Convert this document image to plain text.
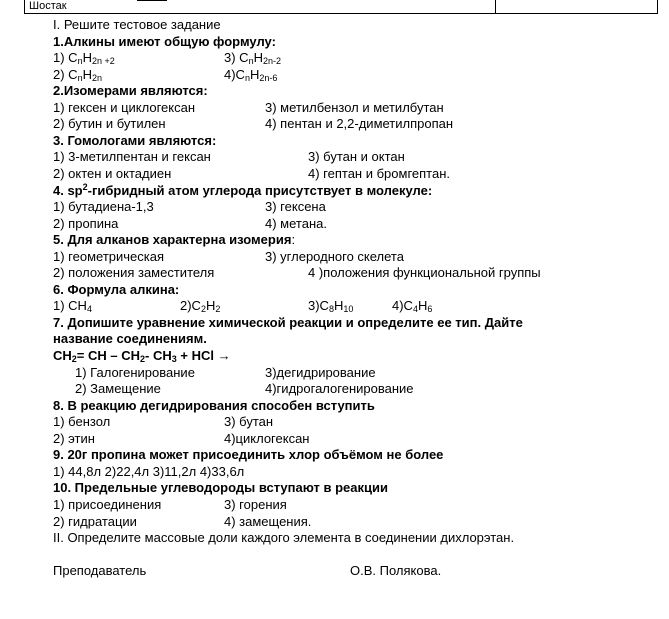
Шостак
I. Решите тестовое задание
1.Алкины имеют общую формулу:
1) $C_nH_{2n +2}$	3) $C_nH_{2n-2}$
2) $C_nH_{2n}$	$4)C_nH_{2n-6}$
2.Изомерами являются:
1) гексен и циклогексан	3) метилбензол и метилбутан
2) бутин и бутилен	4) пентан и 2,2-диметилпропан
3. Гомологами являются:
1) 3-метилпентан и гексан	3) бутан и октан
2) октен и октадиен	4) гептан и бромгептан.
4. $sp^2$-гибридный атом углерода присутствует в молекуле:
1) бутадиена-1,3	3) гексена
2) пропина	4) метана.
5. Для алканов характерна изомерия:
1) геометрическая	3) углеродного скелета
2) положения заместителя	4 )положения функциональной группы
6. Формула алкина:
1) $CH_4$	$2)C_2H_2$	$3)C_8H_{10}$	$4)C_4H_6$
7. Допишите уравнение химической реакции и определите ее тип. Дайте
название соединениям.
$CH_2=$ CH – $CH_2-$ $CH_3$ + HCl →
1) Галогенирование	3)дегидрирование
2) Замещение	4)гидрогалогенирование
8. В реакцию дегидрирования способен вступить
1) бензол	3) бутан
2) этин	4)циклогексан
9. 20г пропина может присоединить хлор объёмом не более
1) 44,8л 2)22,4л 3)11,2л 4)33,6л
10. Предельные углеводороды вступают в реакции
1) присоединения	3) горения
2) гидратации	4) замещения.
II. Определите массовые доли каждого элемента в соединении дихлорэтан.
Преподаватель	О.В. Полякова.
